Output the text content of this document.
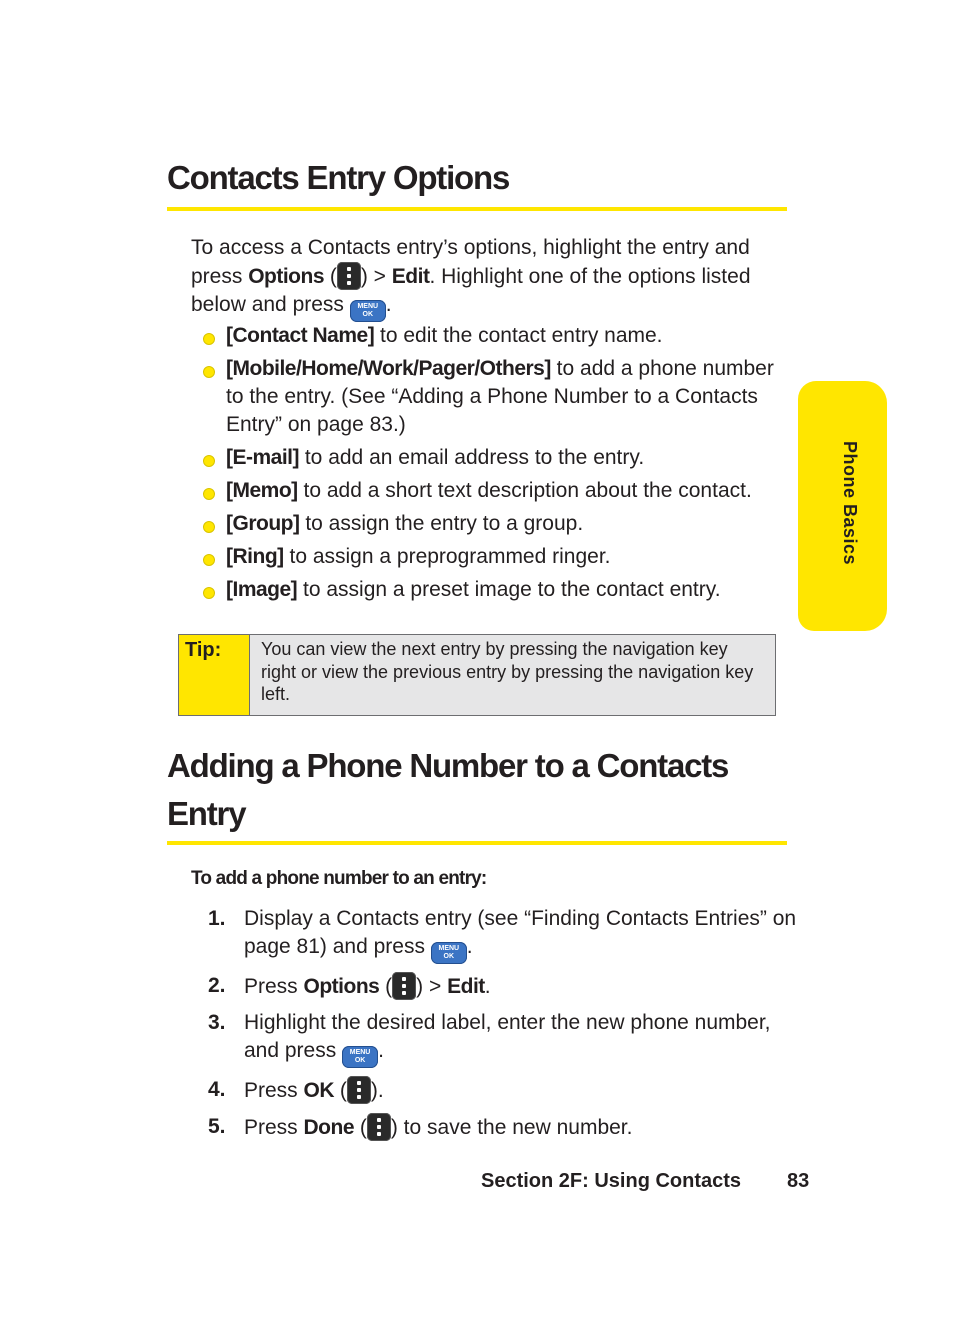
Contacts Entry Options

To access a Contacts entry’s options, highlight the entry and press Options ( ) > Edit. Highlight one of the options listed below and press MENU
OK .

[Contact Name] to edit the contact entry name.
[Mobile/Home/Work/Pager/Others] to add a phone number to the entry. (See “Adding a Phone Number to a Contacts Entry” on page 83.)
[E-mail] to add an email address to the entry.
[Memo] to add a short text description about the contact.
[Group] to assign the entry to a group.
[Ring] to assign a preprogrammed ringer.
[Image] to assign a preset image to the contact entry.
Tip:	You can view the next entry by pressing the navigation key right or view the previous entry by pressing the navigation key left.
Adding a Phone Number to a Contacts
Entry

To add a phone number to an entry:

1. Display a Contacts entry (see “Finding Contacts Entries” on page 81) and press MENU
OK .
2. Press Options ( ) > Edit.
3. Highlight the desired label, enter the new phone number, and press MENU
OK .
4. Press OK ( ).
5. Press Done ( ) to save the new number.
Section 2F: Using Contacts 83
Phone Basics
